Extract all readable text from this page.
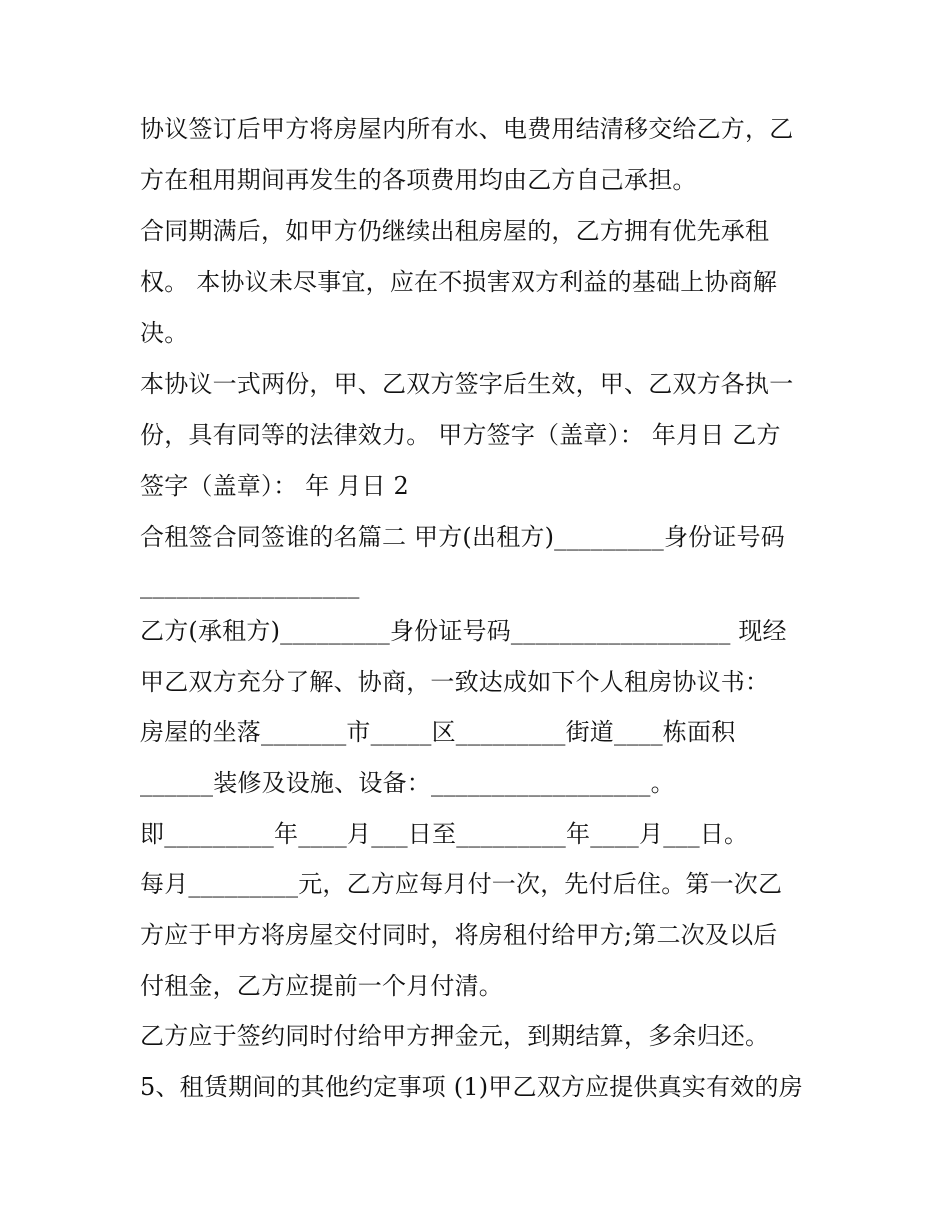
协议签订后甲方将房屋内所有水、电费用结清移交给乙方，乙
方在租用期间再发生的各项费用均由乙方自己承担。
合同期满后，如甲方仍继续出租房屋的，乙方拥有优先承租
权。 本协议未尽事宜，应在不损害双方利益的基础上协商解
决。
本协议一式两份，甲、乙双方签字后生效，甲、乙双方各执一
份，具有同等的法律效力。 甲方签字（盖章）： 年月日 乙方
签字（盖章）： 年 月日 2
合租签合同签谁的名篇二 甲方(出租方)_________身份证号码
__________________
乙方(承租方)_________身份证号码__________________ 现经
甲乙双方充分了解、协商，一致达成如下个人租房协议书：
房屋的坐落_______市_____区_________街道____栋面积
______装修及设施、设备：__________________。
即_________年____月___日至_________年____月___日。
每月_________元，乙方应每月付一次，先付后住。第一次乙
方应于甲方将房屋交付同时，将房租付给甲方;第二次及以后
付租金，乙方应提前一个月付清。
乙方应于签约同时付给甲方押金元，到期结算，多余归还。
5、租赁期间的其他约定事项 (1)甲乙双方应提供真实有效的房
